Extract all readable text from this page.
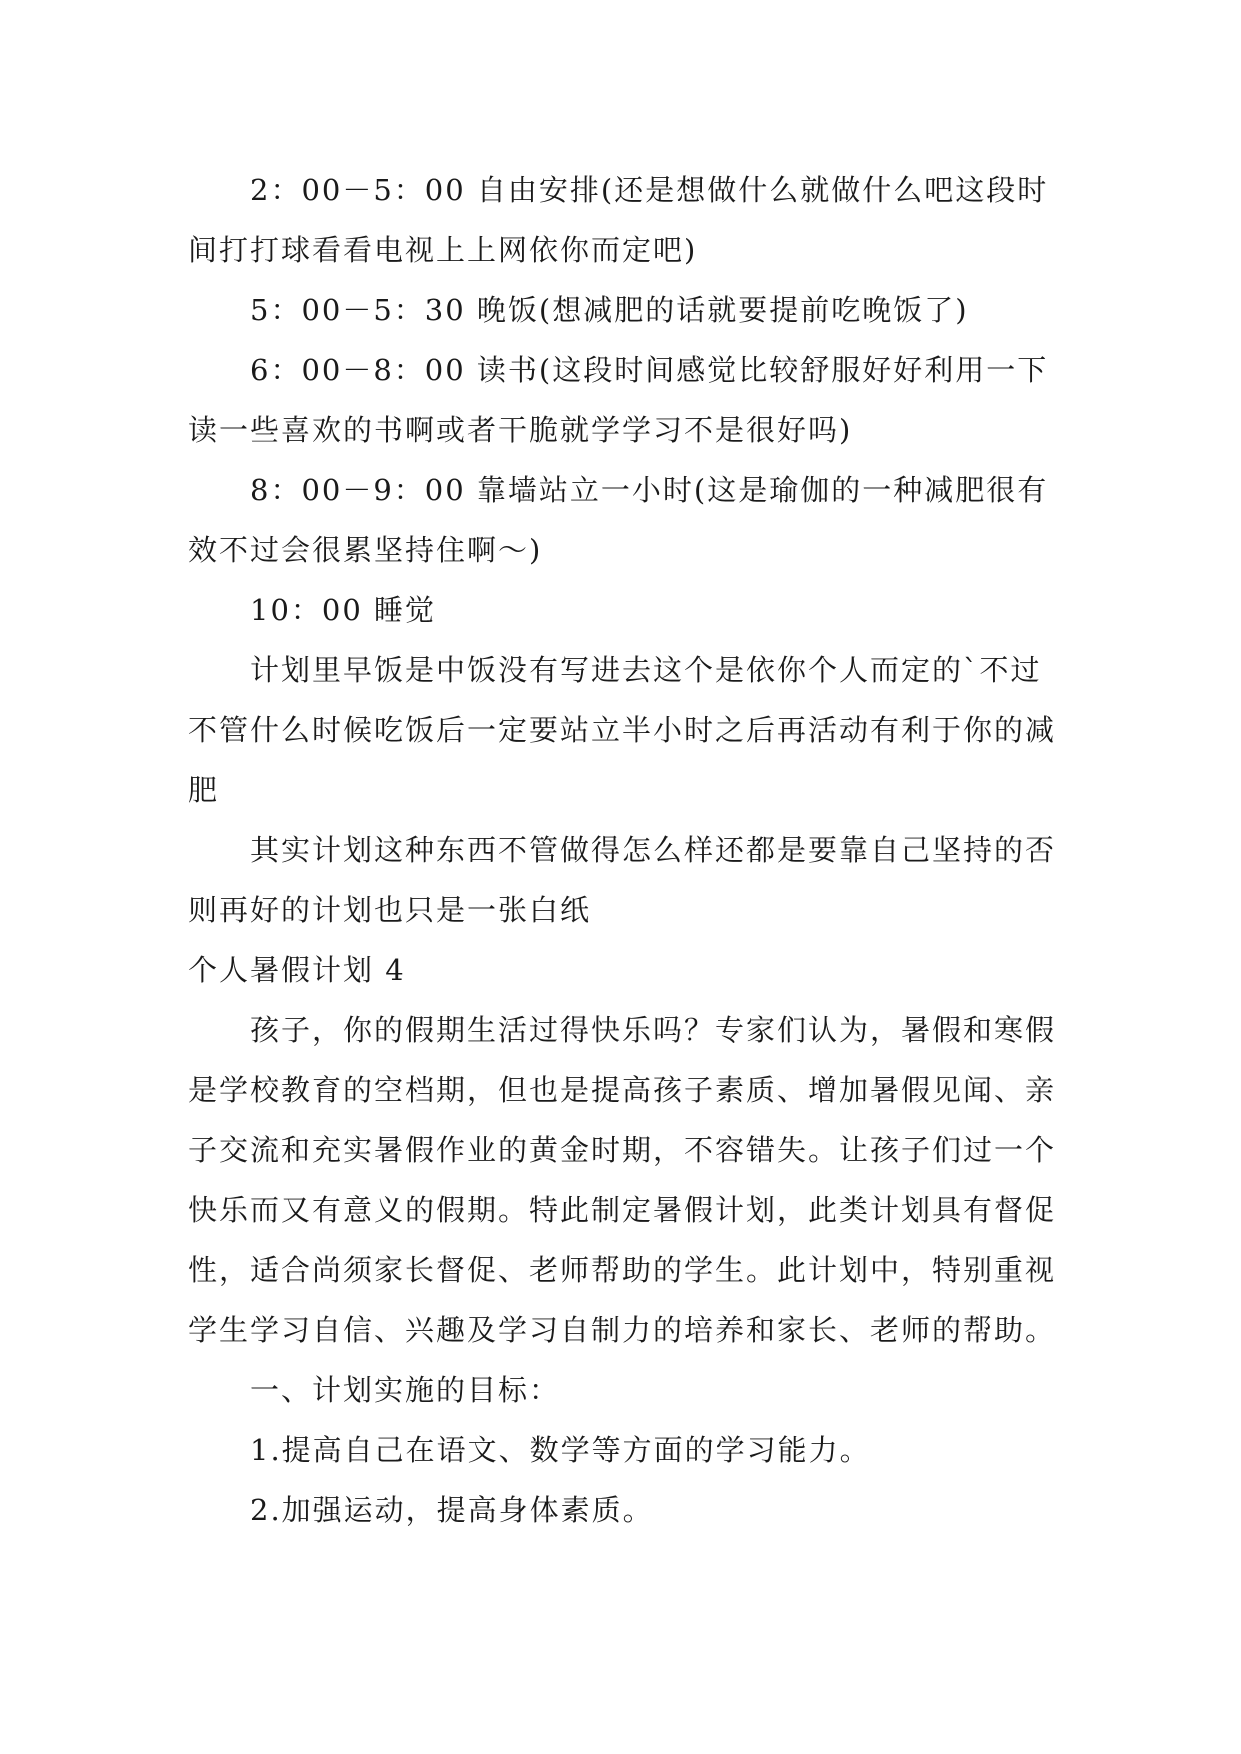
2：00－5：00 自由安排(还是想做什么就做什么吧这段时间打打球看看电视上上网依你而定吧)

5：00－5：30 晚饭(想减肥的话就要提前吃晚饭了)

6：00－8：00 读书(这段时间感觉比较舒服好好利用一下读一些喜欢的书啊或者干脆就学学习不是很好吗)

8：00－9：00 靠墙站立一小时(这是瑜伽的一种减肥很有效不过会很累坚持住啊～)

10：00 睡觉

计划里早饭是中饭没有写进去这个是依你个人而定的`不过不管什么时候吃饭后一定要站立半小时之后再活动有利于你的减肥

其实计划这种东西不管做得怎么样还都是要靠自己坚持的否则再好的计划也只是一张白纸

个人暑假计划 4

孩子，你的假期生活过得快乐吗？专家们认为，暑假和寒假是学校教育的空档期，但也是提高孩子素质、增加暑假见闻、亲子交流和充实暑假作业的黄金时期，不容错失。让孩子们过一个快乐而又有意义的假期。特此制定暑假计划，此类计划具有督促性，适合尚须家长督促、老师帮助的学生。此计划中，特别重视学生学习自信、兴趣及学习自制力的培养和家长、老师的帮助。

一、计划实施的目标：

1.提高自己在语文、数学等方面的学习能力。

2.加强运动，提高身体素质。
